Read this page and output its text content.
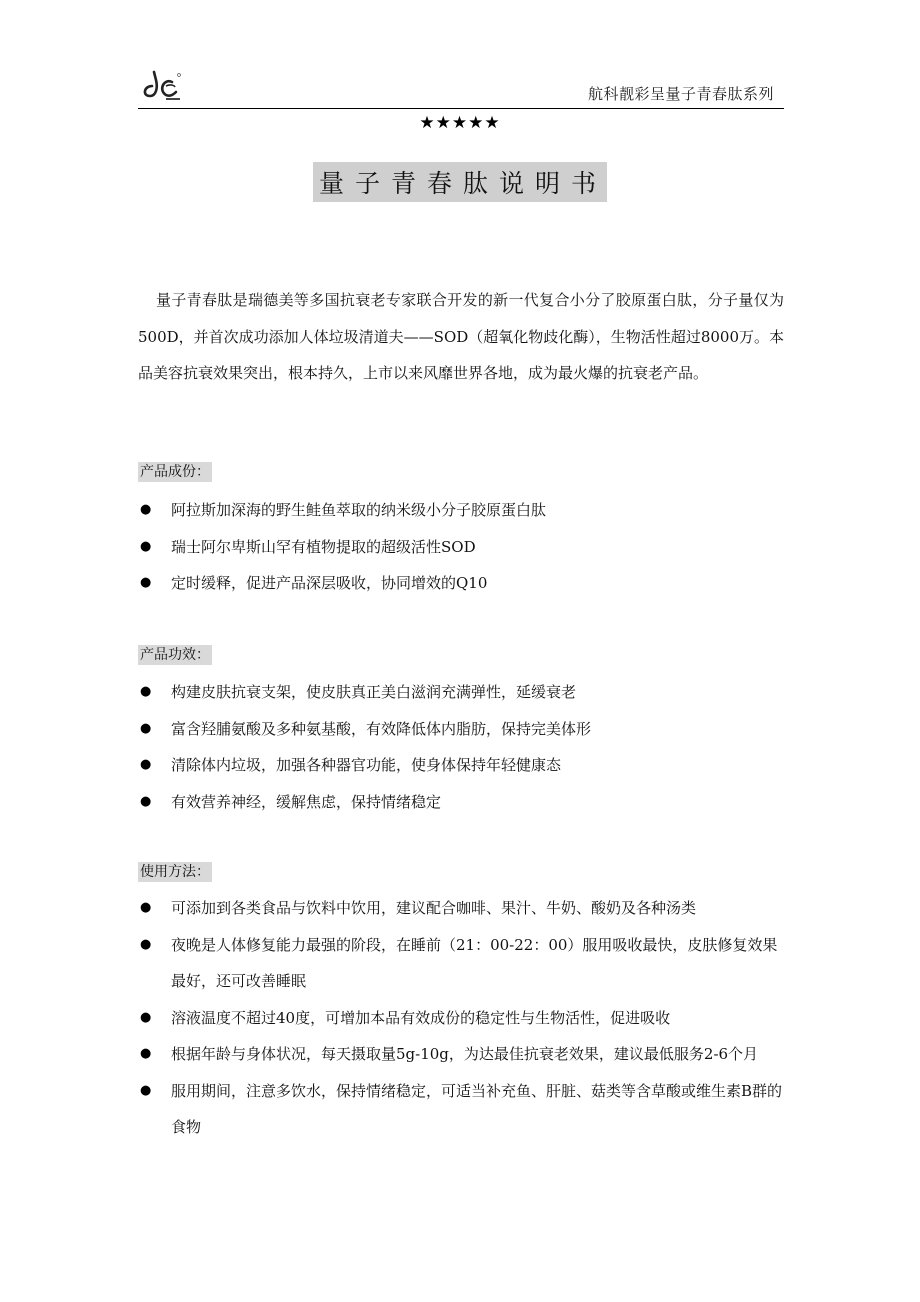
航科靓彩呈量子青春肽系列
★★★★★
量子青春肽说明书

量子青春肽是瑞德美等多国抗衰老专家联合开发的新一代复合小分了胶原蛋白肽，分子量仅为500D，并首次成功添加人体垃圾清道夫——SOD（超氧化物歧化酶），生物活性超过8000万。本品美容抗衰效果突出，根本持久，上市以来风靡世界各地，成为最火爆的抗衰老产品。

产品成份：
● 阿拉斯加深海的野生鲑鱼萃取的纳米级小分子胶原蛋白肽
● 瑞士阿尔卑斯山罕有植物提取的超级活性SOD
● 定时缓释，促进产品深层吸收，协同增效的Q10
产品功效：
● 构建皮肤抗衰支架，使皮肤真正美白滋润充满弹性，延缓衰老
● 富含羟脯氨酸及多种氨基酸，有效降低体内脂肪，保持完美体形
● 清除体内垃圾，加强各种器官功能，使身体保持年轻健康态
● 有效营养神经，缓解焦虑，保持情绪稳定
使用方法：
● 可添加到各类食品与饮料中饮用，建议配合咖啡、果汁、牛奶、酸奶及各种汤类
● 夜晚是人体修复能力最强的阶段，在睡前（21：00-22：00）服用吸收最快，皮肤修复效果最好，还可改善睡眠
● 溶液温度不超过40度，可增加本品有效成份的稳定性与生物活性，促进吸收
● 根据年龄与身体状况，每天摄取量5g-10g，为达最佳抗衰老效果，建议最低服务2-6个月
● 服用期间，注意多饮水，保持情绪稳定，可适当补充鱼、肝脏、菇类等含草酸或维生素B群的食物
